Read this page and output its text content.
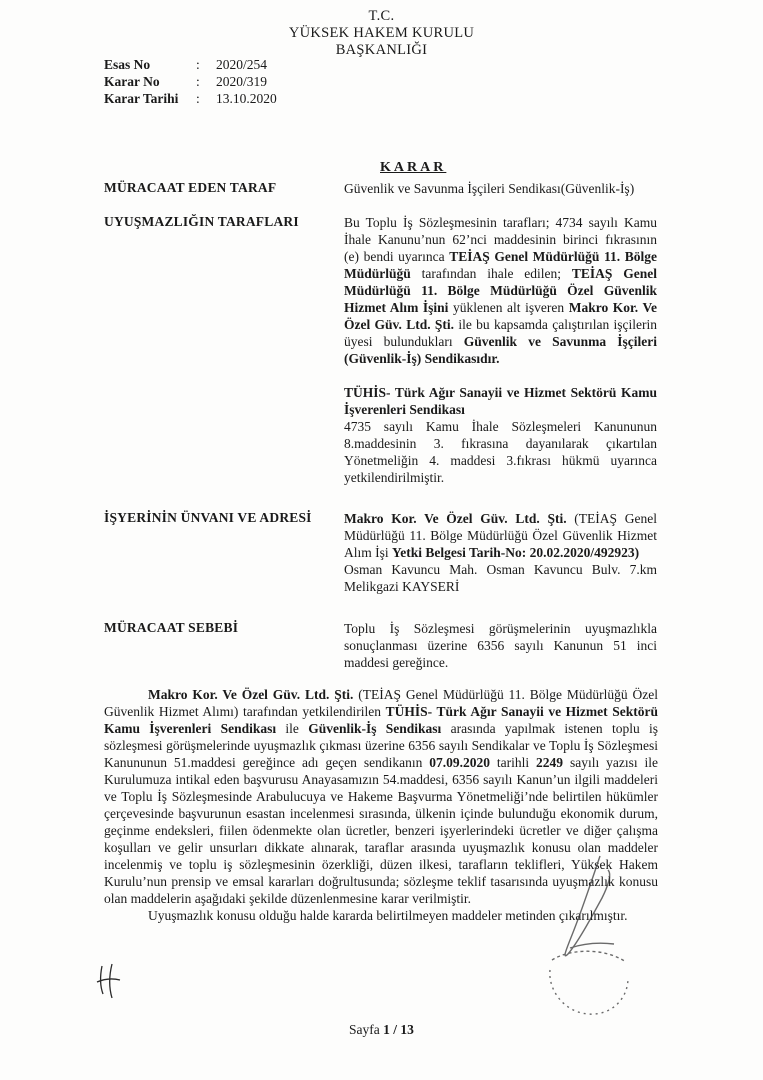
T.C.
YÜKSEK HAKEM KURULU
BAŞKANLIĞI
Esas No	: 2020/254
Karar No	: 2020/319
Karar Tarihi : 13.10.2020
KARAR
MÜRACAAT EDEN TARAF	Güvenlik ve Savunma İşçileri Sendikası(Güvenlik-İş)
UYUŞMAZLIĞIN TARAFLARI	Bu Toplu İş Sözleşmesinin tarafları; 4734 sayılı Kamu İhale Kanunu’nun 62’nci maddesinin birinci fıkrasının (e) bendi uyarınca TEİAŞ Genel Müdürlüğü 11. Bölge Müdürlüğü tarafından ihale edilen; TEİAŞ Genel Müdürlüğü 11. Bölge Müdürlüğü Özel Güvenlik Hizmet Alım İşini yüklenen alt işveren Makro Kor. Ve Özel Güv. Ltd. Şti. ile bu kapsamda çalıştırılan işçilerin üyesi bulundukları Güvenlik ve Savunma İşçileri (Güvenlik-İş) Sendikasıdır.

TÜHİS- Türk Ağır Sanayii ve Hizmet Sektörü Kamu İşverenleri Sendikası

4735 sayılı Kamu İhale Sözleşmeleri Kanununun 8.maddesinin 3. fıkrasına dayanılarak çıkartılan Yönetmeliğin 4. maddesi 3.fıkrası hükmü uyarınca yetkilendirilmiştir.

İŞYERİNİN ÜNVANI VE ADRESİ Makro Kor. Ve Özel Güv. Ltd. Şti. (TEİAŞ Genel Müdürlüğü 11. Bölge Müdürlüğü Özel Güvenlik Hizmet Alım İşi Yetki Belgesi Tarih-No: 20.02.2020/492923)

Osman Kavuncu Mah. Osman Kavuncu Bulv. 7.km Melikgazi KAYSERİ

MÜRACAAT SEBEBİ	Toplu İş Sözleşmesi görüşmelerinin uyuşmazlıkla sonuçlanması üzerine 6356 sayılı Kanunun 51 inci maddesi gereğince.

Makro Kor. Ve Özel Güv. Ltd. Şti. (TEİAŞ Genel Müdürlüğü 11. Bölge Müdürlüğü Özel Güvenlik Hizmet Alımı) tarafından yetkilendirilen TÜHİS- Türk Ağır Sanayii ve Hizmet Sektörü Kamu İşverenleri Sendikası ile Güvenlik-İş Sendikası arasında yapılmak istenen toplu iş sözleşmesi görüşmelerinde uyuşmazlık çıkması üzerine 6356 sayılı Sendikalar ve Toplu İş Sözleşmesi Kanununun 51.maddesi gereğince adı geçen sendikanın 07.09.2020 tarihli 2249 sayılı yazısı ile Kurulumuza intikal eden başvurusu Anayasamızın 54.maddesi, 6356 sayılı Kanun’un ilgili maddeleri ve Toplu İş Sözleşmesinde Arabulucuya ve Hakeme Başvurma Yönetmeliği’nde belirtilen hükümler çerçevesinde başvurunun esastan incelenmesi sırasında, ülkenin içinde bulunduğu ekonomik durum, geçinme endeksleri, fiilen ödenmekte olan ücretler, benzeri işyerlerindeki ücretler ve diğer çalışma koşulları ve gelir unsurları dikkate alınarak, taraflar arasında uyuşmazlık konusu olan maddeler incelenmiş ve toplu iş sözleşmesinin özerkliği, düzen ilkesi, tarafların teklifleri, Yüksek Hakem Kurulu’nun prensip ve emsal kararları doğrultusunda; sözleşme teklif tasarısında uyuşmazlık konusu olan maddelerin aşağıdaki şekilde düzenlenmesine karar verilmiştir.

Uyuşmazlık konusu olduğu halde kararda belirtilmeyen maddeler metinden çıkarılmıştır.

Sayfa 1 / 13
